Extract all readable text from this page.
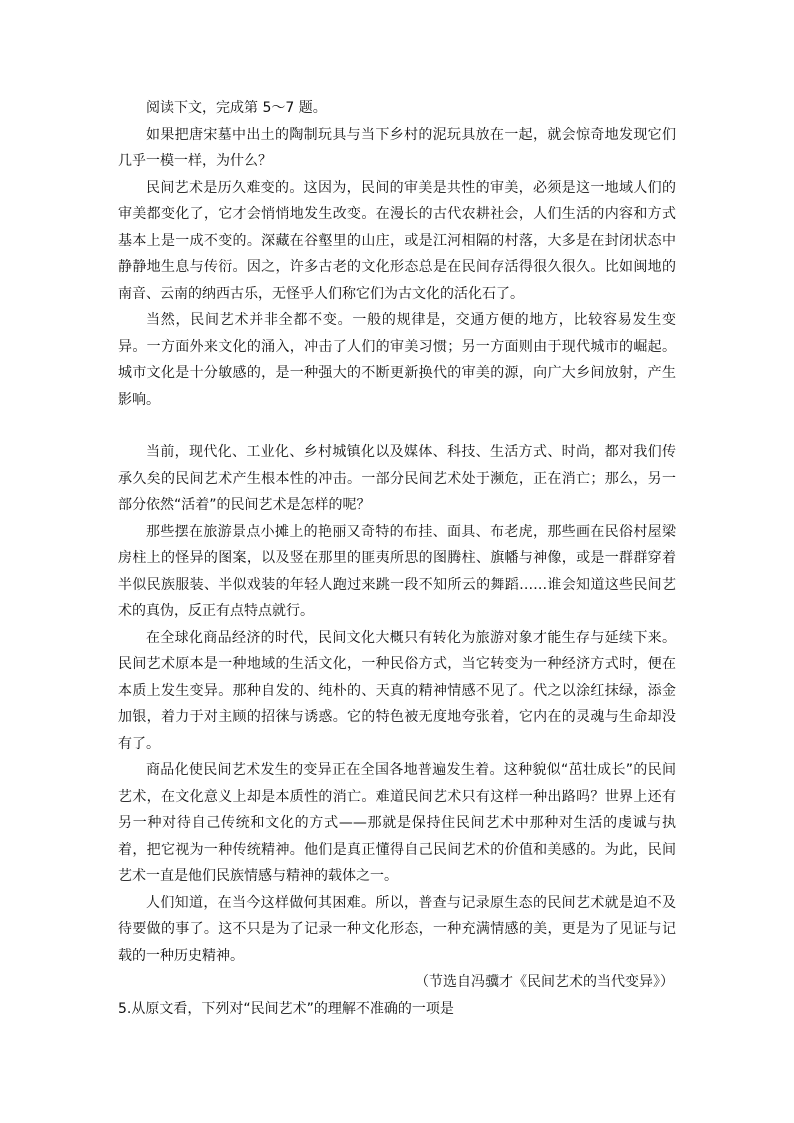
阅读下文，完成第 5～7 题。

如果把唐宋墓中出土的陶制玩具与当下乡村的泥玩具放在一起，就会惊奇地发现它们几乎一模一样，为什么？

民间艺术是历久难变的。这因为，民间的审美是共性的审美，必须是这一地域人们的审美都变化了，它才会悄悄地发生改变。在漫长的古代农耕社会，人们生活的内容和方式基本上是一成不变的。深藏在谷壑里的山庄，或是江河相隔的村落，大多是在封闭状态中静静地生息与传衍。因之，许多古老的文化形态总是在民间存活得很久很久。比如闽地的南音、云南的纳西古乐，无怪乎人们称它们为古文化的活化石了。

当然，民间艺术并非全都不变。一般的规律是，交通方便的地方，比较容易发生变异。一方面外来文化的涌入，冲击了人们的审美习惯；另一方面则由于现代城市的崛起。城市文化是十分敏感的，是一种强大的不断更新换代的审美的源，向广大乡间放射，产生影响。

当前，现代化、工业化、乡村城镇化以及媒体、科技、生活方式、时尚，都对我们传承久矣的民间艺术产生根本性的冲击。一部分民间艺术处于濒危，正在消亡；那么，另一部分依然“活着”的民间艺术是怎样的呢？

那些摆在旅游景点小摊上的艳丽又奇特的布挂、面具、布老虎，那些画在民俗村屋梁房柱上的怪异的图案，以及竖在那里的匪夷所思的图腾柱、旗幡与神像，或是一群群穿着半似民族服装、半似戏装的年轻人跑过来跳一段不知所云的舞蹈……谁会知道这些民间艺术的真伪，反正有点特点就行。

在全球化商品经济的时代，民间文化大概只有转化为旅游对象才能生存与延续下来。民间艺术原本是一种地域的生活文化，一种民俗方式，当它转变为一种经济方式时，便在本质上发生变异。那种自发的、纯朴的、天真的精神情感不见了。代之以涂红抹绿，添金加银，着力于对主顾的招徕与诱惑。它的特色被无度地夸张着，它内在的灵魂与生命却没有了。

商品化使民间艺术发生的变异正在全国各地普遍发生着。这种貌似“茁壮成长”的民间艺术，在文化意义上却是本质性的消亡。难道民间艺术只有这样一种出路吗？世界上还有另一种对待自己传统和文化的方式——那就是保持住民间艺术中那种对生活的虔诚与执着，把它视为一种传统精神。他们是真正懂得自己民间艺术的价值和美感的。为此，民间艺术一直是他们民族情感与精神的载体之一。

人们知道，在当今这样做何其困难。所以，普查与记录原生态的民间艺术就是迫不及待要做的事了。这不只是为了记录一种文化形态，一种充满情感的美，更是为了见证与记载的一种历史精神。

（节选自冯骥才《民间艺术的当代变异》）

5.从原文看，下列对“民间艺术”的理解不准确的一项是
